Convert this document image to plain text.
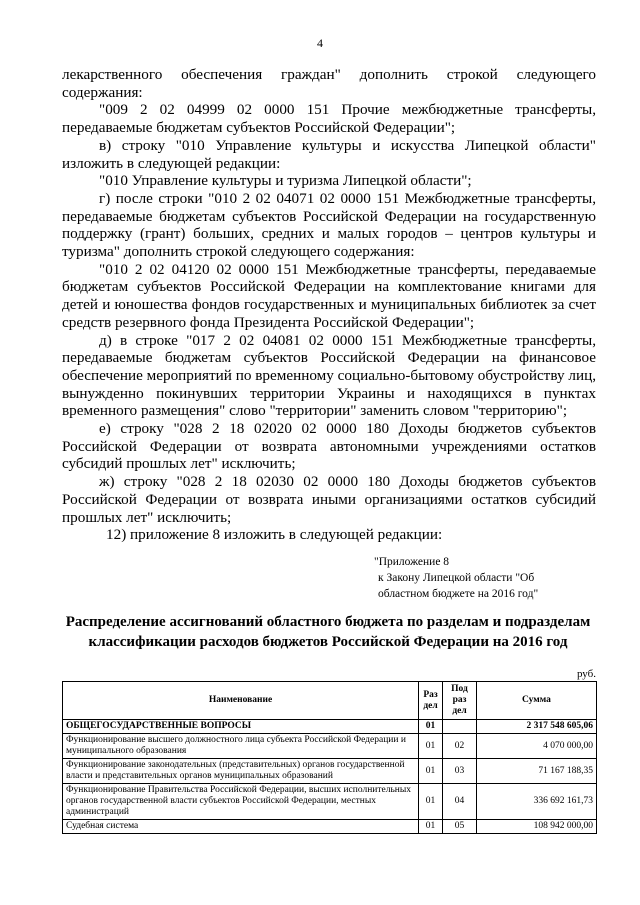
4

лекарственного обеспечения граждан" дополнить строкой следующего содержания:

"009 2 02 04999 02 0000 151 Прочие межбюджетные трансферты, передаваемые бюджетам субъектов Российской Федерации";

в) строку "010 Управление культуры и искусства Липецкой области" изложить в следующей редакции:

"010 Управление культуры и туризма Липецкой области";

г) после строки "010 2 02 04071 02 0000 151 Межбюджетные трансферты, передаваемые бюджетам субъектов Российской Федерации на государственную поддержку (грант) больших, средних и малых городов – центров культуры и туризма" дополнить строкой следующего содержания:

"010 2 02 04120 02 0000 151 Межбюджетные трансферты, передаваемые бюджетам субъектов Российской Федерации на комплектование книгами для детей и юношества фондов государственных и муниципальных библиотек за счет средств резервного фонда Президента Российской Федерации";

д) в строке "017 2 02 04081 02 0000 151 Межбюджетные трансферты, передаваемые бюджетам субъектов Российской Федерации на финансовое обеспечение мероприятий по временному социально-бытовому обустройству лиц, вынужденно покинувших территории Украины и находящихся в пунктах временного размещения" слово "территории" заменить словом "территорию";

е) строку "028 2 18 02020 02 0000 180 Доходы бюджетов субъектов Российской Федерации от возврата автономными учреждениями остатков субсидий прошлых лет" исключить;

ж) строку "028 2 18 02030 02 0000 180 Доходы бюджетов субъектов Российской Федерации от возврата иными организациями остатков субсидий прошлых лет" исключить;

12) приложение 8 изложить в следующей редакции:

"Приложение 8
к Закону Липецкой области "Об
областном бюджете на 2016 год"
Распределение ассигнований областного бюджета по разделам и подразделам
классификации расходов бюджетов Российской Федерации на 2016 год
руб.
Наименование	Раз дел	Под раз дел	Сумма
ОБЩЕГОСУДАРСТВЕННЫЕ ВОПРОСЫ	01		2 317 548 605,06
Функционирование высшего должностного лица субъекта Российской Федерации и муниципального образования	01	02	4 070 000,00
Функционирование законодательных (представительных) органов государственной власти и представительных органов муниципальных образований	01	03	71 167 188,35
Функционирование Правительства Российской Федерации, высших исполнительных органов государственной власти субъектов Российской Федерации, местных администраций	01	04	336 692 161,73
Судебная система	01	05	108 942 000,00
